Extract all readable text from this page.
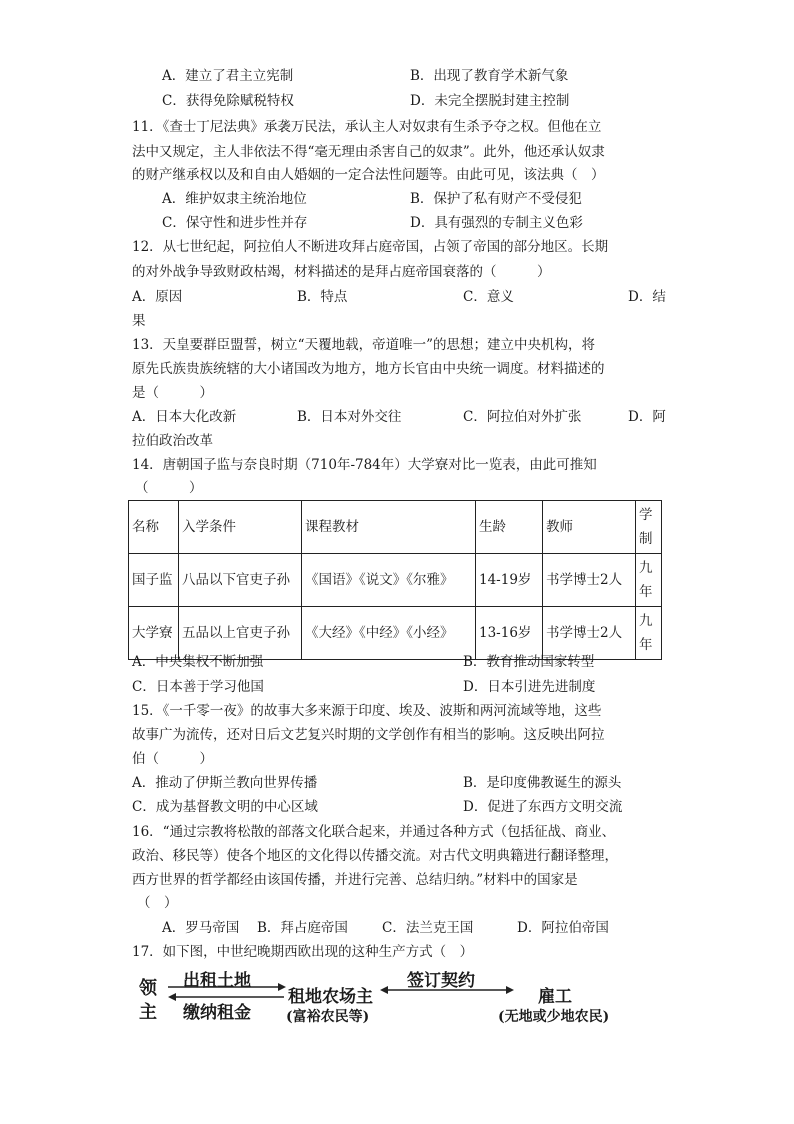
A．建立了君主立宪制	B．出现了教育学术新气象
C．获得免除赋税特权	D．未完全摆脱封建主控制
11．《查士丁尼法典》承袭万民法，承认主人对奴隶有生杀予夺之权。但他在立
法中又规定，主人非依法不得“毫无理由杀害自己的奴隶”。此外，他还承认奴隶
的财产继承权以及和自由人婚姻的一定合法性问题等。由此可见，该法典（　）
A．维护奴隶主统治地位	B．保护了私有财产不受侵犯
C．保守性和进步性并存	D．具有强烈的专制主义色彩
12．从七世纪起，阿拉伯人不断进攻拜占庭帝国，占领了帝国的部分地区。长期
的对外战争导致财政枯竭，材料描述的是拜占庭帝国衰落的（　　　）
A．原因	B．特点	C．意义	D．结
果
13．天皇要群臣盟誓，树立“天覆地载，帝道唯一”的思想；建立中央机构，将
原先氏族贵族统辖的大小诸国改为地方，地方长官由中央统一调度。材料描述的
是（　　　）
A．日本大化改新	B．日本对外交往	C．阿拉伯对外扩张	D．阿
拉伯政治改革
14．唐朝国子监与奈良时期（710年-784年）大学寮对比一览表，由此可推知
（　　　）
名称	入学条件	课程教材	生龄	教师	学制
国子监	八品以下官吏子孙	《国语》《说文》《尔雅》	14-19岁	书学博士2人	九年
大学寮	五品以上官吏子孙	《大经》《中经》《小经》	13-16岁	书学博士2人	九年
A．中央集权不断加强	B．教育推动国家转型
C．日本善于学习他国	D．日本引进先进制度
15．《一千零一夜》的故事大多来源于印度、埃及、波斯和两河流域等地，这些
故事广为流传，还对日后文艺复兴时期的文学创作有相当的影响。这反映出阿拉
伯（　　　）
A．推动了伊斯兰教向世界传播	B．是印度佛教诞生的源头
C．成为基督教文明的中心区域	D．促进了东西方文明交流
16．“通过宗教将松散的部落文化联合起来，并通过各种方式（包括征战、商业、
政治、移民等）使各个地区的文化得以传播交流。对古代文明典籍进行翻译整理，
西方世界的哲学都经由该国传播，并进行完善、总结归纳。”材料中的国家是
（　）
A．罗马帝国 B．拜占庭帝国	C．法兰克王国	D．阿拉伯帝国
17．如下图，中世纪晚期西欧出现的这种生产方式（　）
领
主
出租土地
缴纳租金
租地农场主
(富裕农民等)
签订契约
雇工
(无地或少地农民)
